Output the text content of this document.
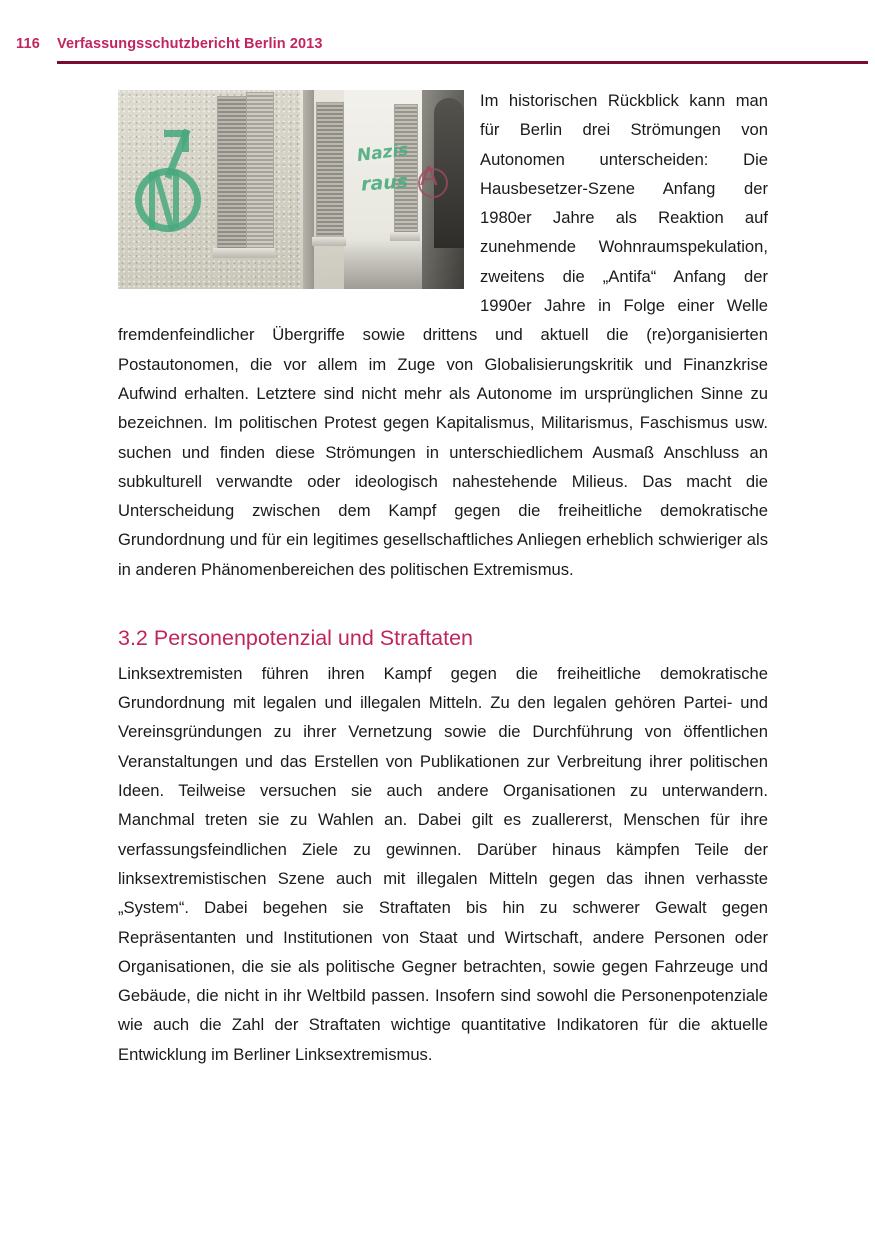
116 Verfassungsschutzbericht Berlin 2013
Nazis
raus A

Im historischen Rückblick kann man für Berlin drei Strömungen von Autonomen unterscheiden: Die Hausbesetzer-Szene Anfang der 1980er Jahre als Reaktion auf zunehmende Wohnraumspekulation, zweitens die „Antifa“ Anfang der 1990er Jahre in Folge einer Welle fremdenfeindlicher Übergriffe sowie drittens und aktuell die (re)organisierten Postautonomen, die vor allem im Zuge von Globalisierungskritik und Finanzkrise Aufwind erhalten. Letztere sind nicht mehr als Autonome im ursprünglichen Sinne zu bezeichnen. Im politischen Protest gegen Kapitalismus, Militarismus, Faschismus usw. suchen und finden diese Strömungen in unterschiedlichem Ausmaß Anschluss an subkulturell verwandte oder ideologisch nahestehende Milieus. Das macht die Unterscheidung zwischen dem Kampf gegen die freiheitliche demokratische Grundordnung und für ein legitimes gesellschaftliches Anliegen erheblich schwieriger als in anderen Phänomenbereichen des politischen Extremismus.

3.2 Personenpotenzial und Straftaten

Linksextremisten führen ihren Kampf gegen die freiheitliche demokratische Grundordnung mit legalen und illegalen Mitteln. Zu den legalen gehören Partei- und Vereinsgründungen zu ihrer Vernetzung sowie die Durchführung von öffentlichen Veranstaltungen und das Erstellen von Publikationen zur Verbreitung ihrer politischen Ideen. Teilweise versuchen sie auch andere Organisationen zu unterwandern. Manchmal treten sie zu Wahlen an. Dabei gilt es zuallererst, Menschen für ihre verfassungsfeindlichen Ziele zu gewinnen. Darüber hinaus kämpfen Teile der linksextremistischen Szene auch mit illegalen Mitteln gegen das ihnen verhasste „System“. Dabei begehen sie Straftaten bis hin zu schwerer Gewalt gegen Repräsentanten und Institutionen von Staat und Wirtschaft, andere Personen oder Organisationen, die sie als politische Gegner betrachten, sowie gegen Fahrzeuge und Gebäude, die nicht in ihr Weltbild passen. Insofern sind sowohl die Personenpotenziale wie auch die Zahl der Straftaten wichtige quantitative Indikatoren für die aktuelle Entwicklung im Berliner Linksextremismus.
